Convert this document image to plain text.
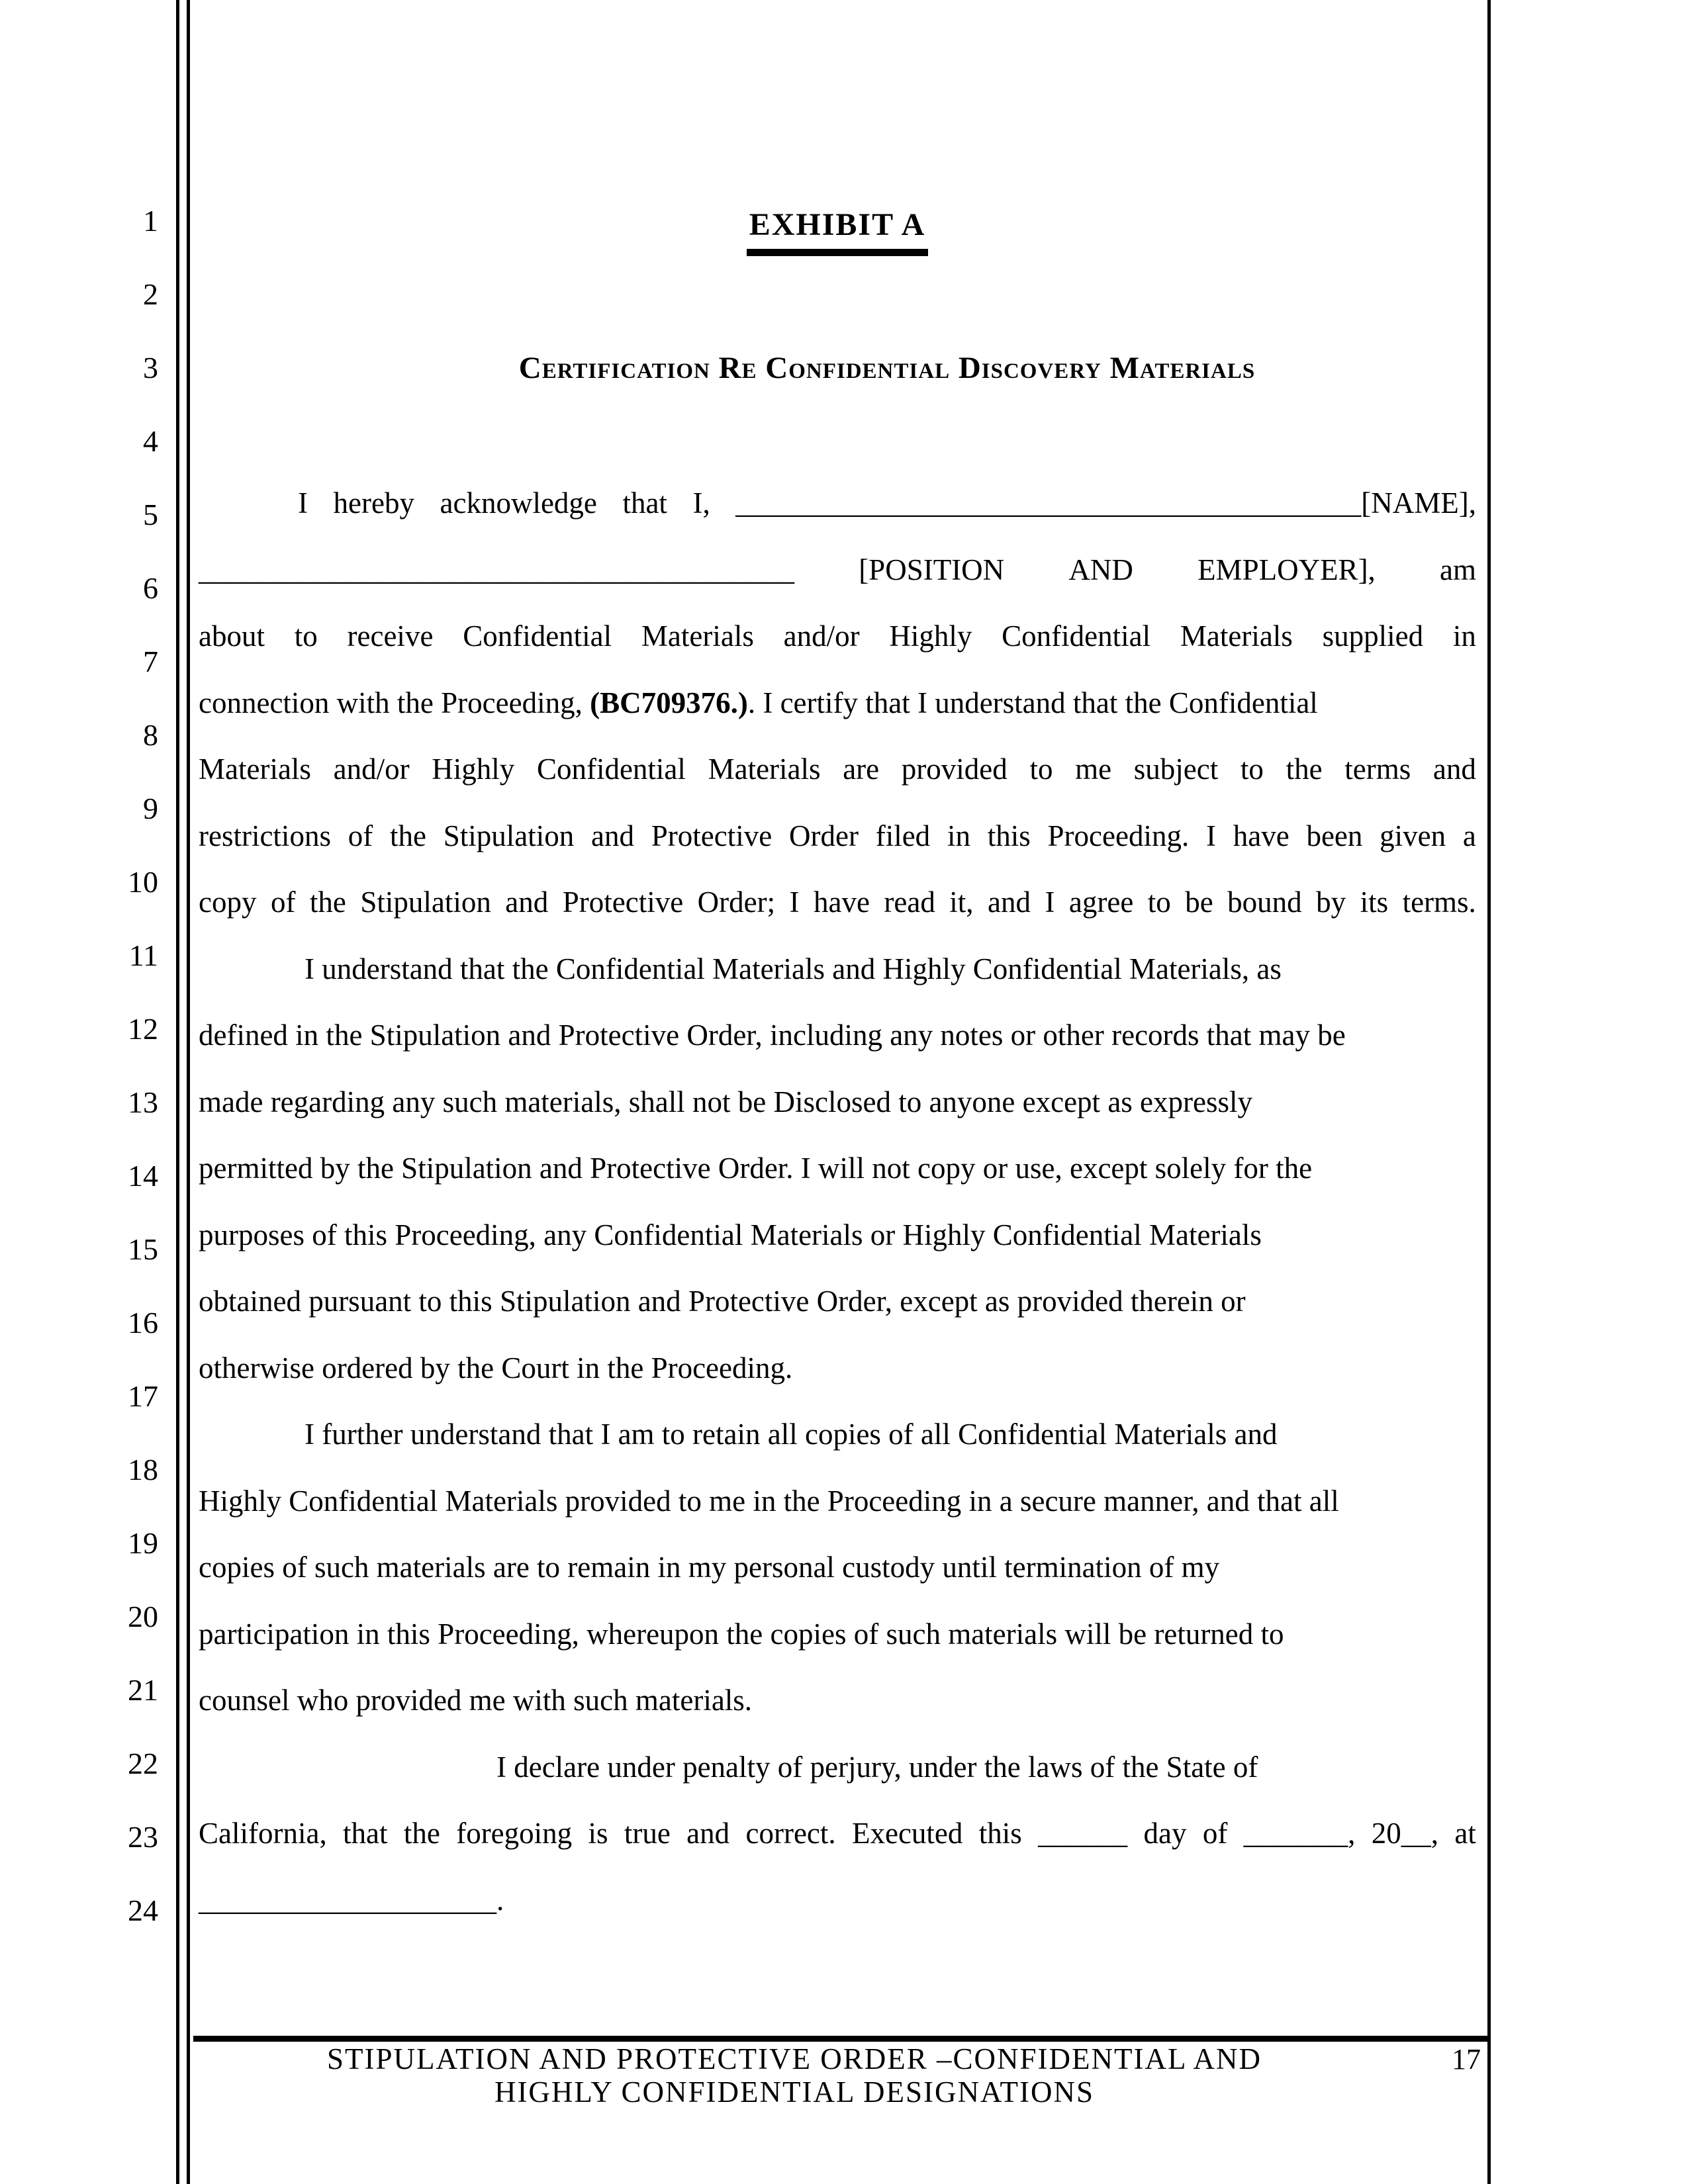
1
2
3
4
5
6
7
8
9
10
11
12
13
14
15
16
17
18
19
20
21
22
23
24
EXHIBIT A
Certification Re Confidential Discovery Materials
I hereby acknowledge that I, __________________________________________[NAME],
________________________________________ [POSITION AND EMPLOYER], am
about to receive Confidential Materials and/or Highly Confidential Materials supplied in
connection with the Proceeding, (BC709376.). I certify that I understand that the Confidential
Materials and/or Highly Confidential Materials are provided to me subject to the terms and
restrictions of the Stipulation and Protective Order filed in this Proceeding. I have been given a
copy of the Stipulation and Protective Order; I have read it, and I agree to be bound by its terms.
I understand that the Confidential Materials and Highly Confidential Materials, as
defined in the Stipulation and Protective Order, including any notes or other records that may be
made regarding any such materials, shall not be Disclosed to anyone except as expressly
permitted by the Stipulation and Protective Order. I will not copy or use, except solely for the
purposes of this Proceeding, any Confidential Materials or Highly Confidential Materials
obtained pursuant to this Stipulation and Protective Order, except as provided therein or
otherwise ordered by the Court in the Proceeding.
I further understand that I am to retain all copies of all Confidential Materials and
Highly Confidential Materials provided to me in the Proceeding in a secure manner, and that all
copies of such materials are to remain in my personal custody until termination of my
participation in this Proceeding, whereupon the copies of such materials will be returned to
counsel who provided me with such materials.
I declare under penalty of perjury, under the laws of the State of
California, that the foregoing is true and correct. Executed this ______ day of _______, 20__, at
____________________.
STIPULATION AND PROTECTIVE ORDER –CONFIDENTIAL AND
HIGHLY CONFIDENTIAL DESIGNATIONS
17
